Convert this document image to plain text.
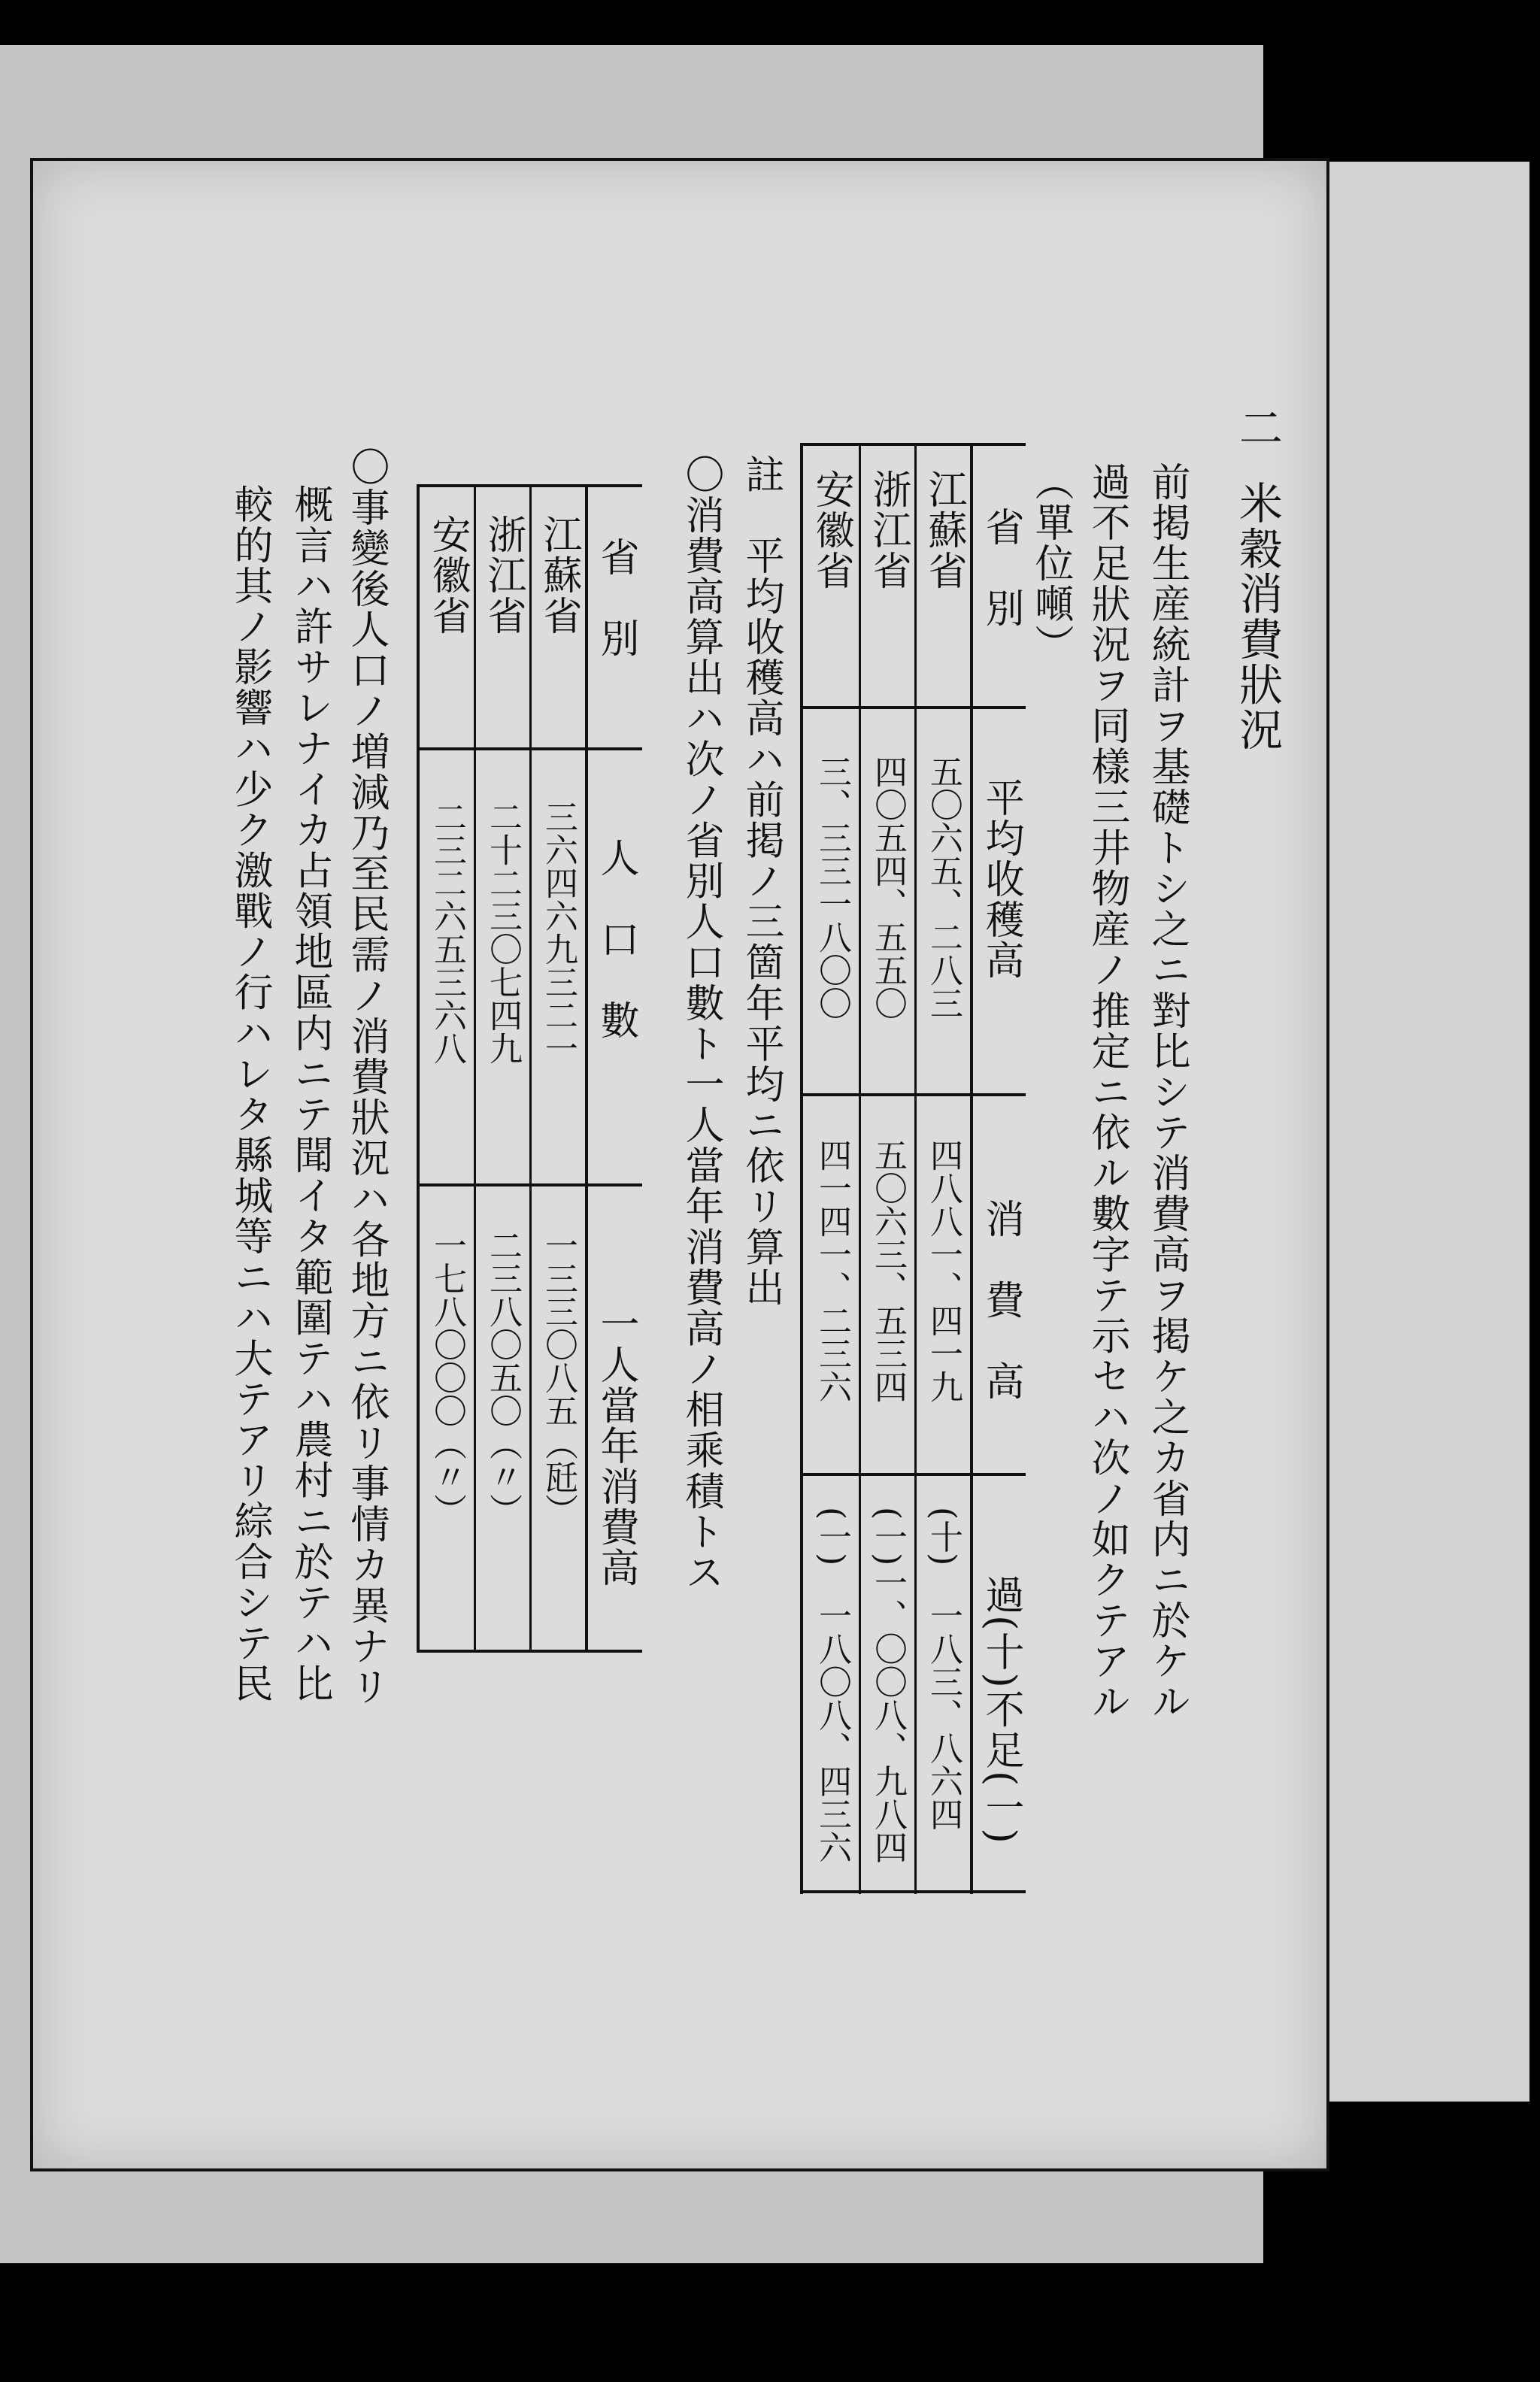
二
米穀消費狀況
前掲生産統計ヲ基礎トシ之ニ對比シテ消費高ヲ掲ケ之カ省内ニ於ケル
過不足狀況ヲ同樣三井物産ノ推定ニ依ル數字テ示セハ次ノ如クテアル
（單位噸）
省　別
平均收穫高
消　費　高
過(十)不足(一)
江蘇省
五〇六五、二八三
四八八一、四一九
(十)　一八三、八六四
浙江省
四〇五四、五五〇
五〇六三、五三四
(一)一、〇〇八、九八四
安徽省
三、三三一八〇〇
四一四一、二三六
(一)　一八〇八、四三六
註　平均收穫高ハ前掲ノ三箇年平均ニ依リ算出
〇消費高算出ハ次ノ省別人口數ト一人當年消費高ノ相乘積トス
省　別
人　口　數
一人當年消費高
江蘇省
三六四六九三二一
一三三〇八五（瓩）
浙江省
二十二三〇七四九
二三八〇五〇（〃）
安徽省
二三二六五三六八
一七八〇〇〇（〃）
〇事變後人口ノ増減乃至民需ノ消費狀況ハ各地方ニ依リ事情カ異ナリ
概言ハ許サレナイカ占領地區内ニテ聞イタ範圍テハ農村ニ於テハ比
較的其ノ影響ハ少ク激戰ノ行ハレタ縣城等ニハ大テアリ綜合シテ民
